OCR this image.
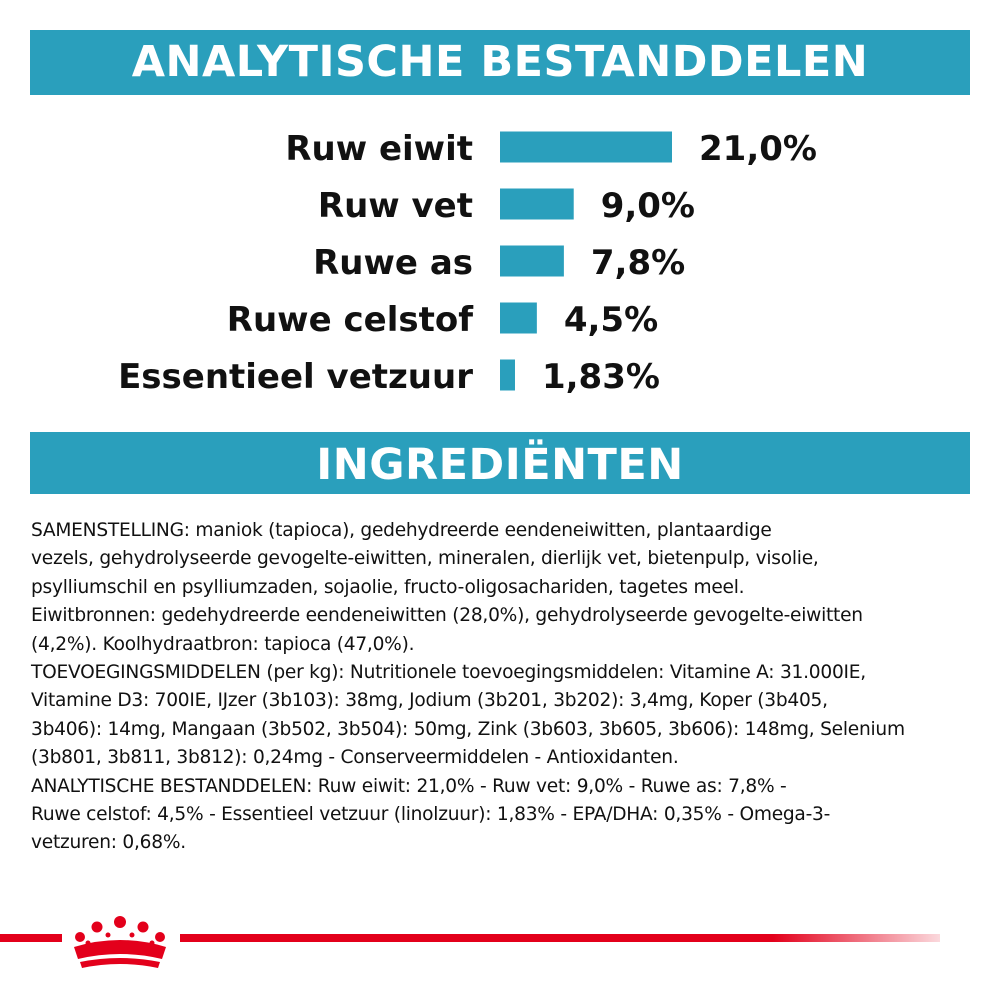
ANALYTISCHE BESTANDDELEN
Ruw eiwit	21,0%
Ruw vet	9,0%
Ruwe as	7,8%
Ruwe celstof	4,5%
Essentieel vetzuur 1,83%
INGREDIËNTEN
SAMENSTELLING: maniok (tapioca), gedehydreerde eendeneiwitten, plantaardige
vezels, gehydrolyseerde gevogelte-eiwitten, mineralen, dierlijk vet, bietenpulp, visolie,
psylliumschil en psylliumzaden, sojaolie, fructo-oligosachariden, tagetes meel.
Eiwitbronnen: gedehydreerde eendeneiwitten (28,0%), gehydrolyseerde gevogelte-eiwitten
(4,2%). Koolhydraatbron: tapioca (47,0%).
TOEVOEGINGSMIDDELEN (per kg): Nutritionele toevoegingsmiddelen: Vitamine A: 31.000IE,
Vitamine D3: 700IE, IJzer (3b103): 38mg, Jodium (3b201, 3b202): 3,4mg, Koper (3b405,
3b406): 14mg, Mangaan (3b502, 3b504): 50mg, Zink (3b603, 3b605, 3b606): 148mg, Selenium
(3b801, 3b811, 3b812): 0,24mg - Conserveermiddelen - Antioxidanten.
ANALYTISCHE BESTANDDELEN: Ruw eiwit: 21,0% - Ruw vet: 9,0% - Ruwe as: 7,8% -
Ruwe celstof: 4,5% - Essentieel vetzuur (linolzuur): 1,83% - EPA/DHA: 0,35% - Omega-3-
vetzuren: 0,68%.
